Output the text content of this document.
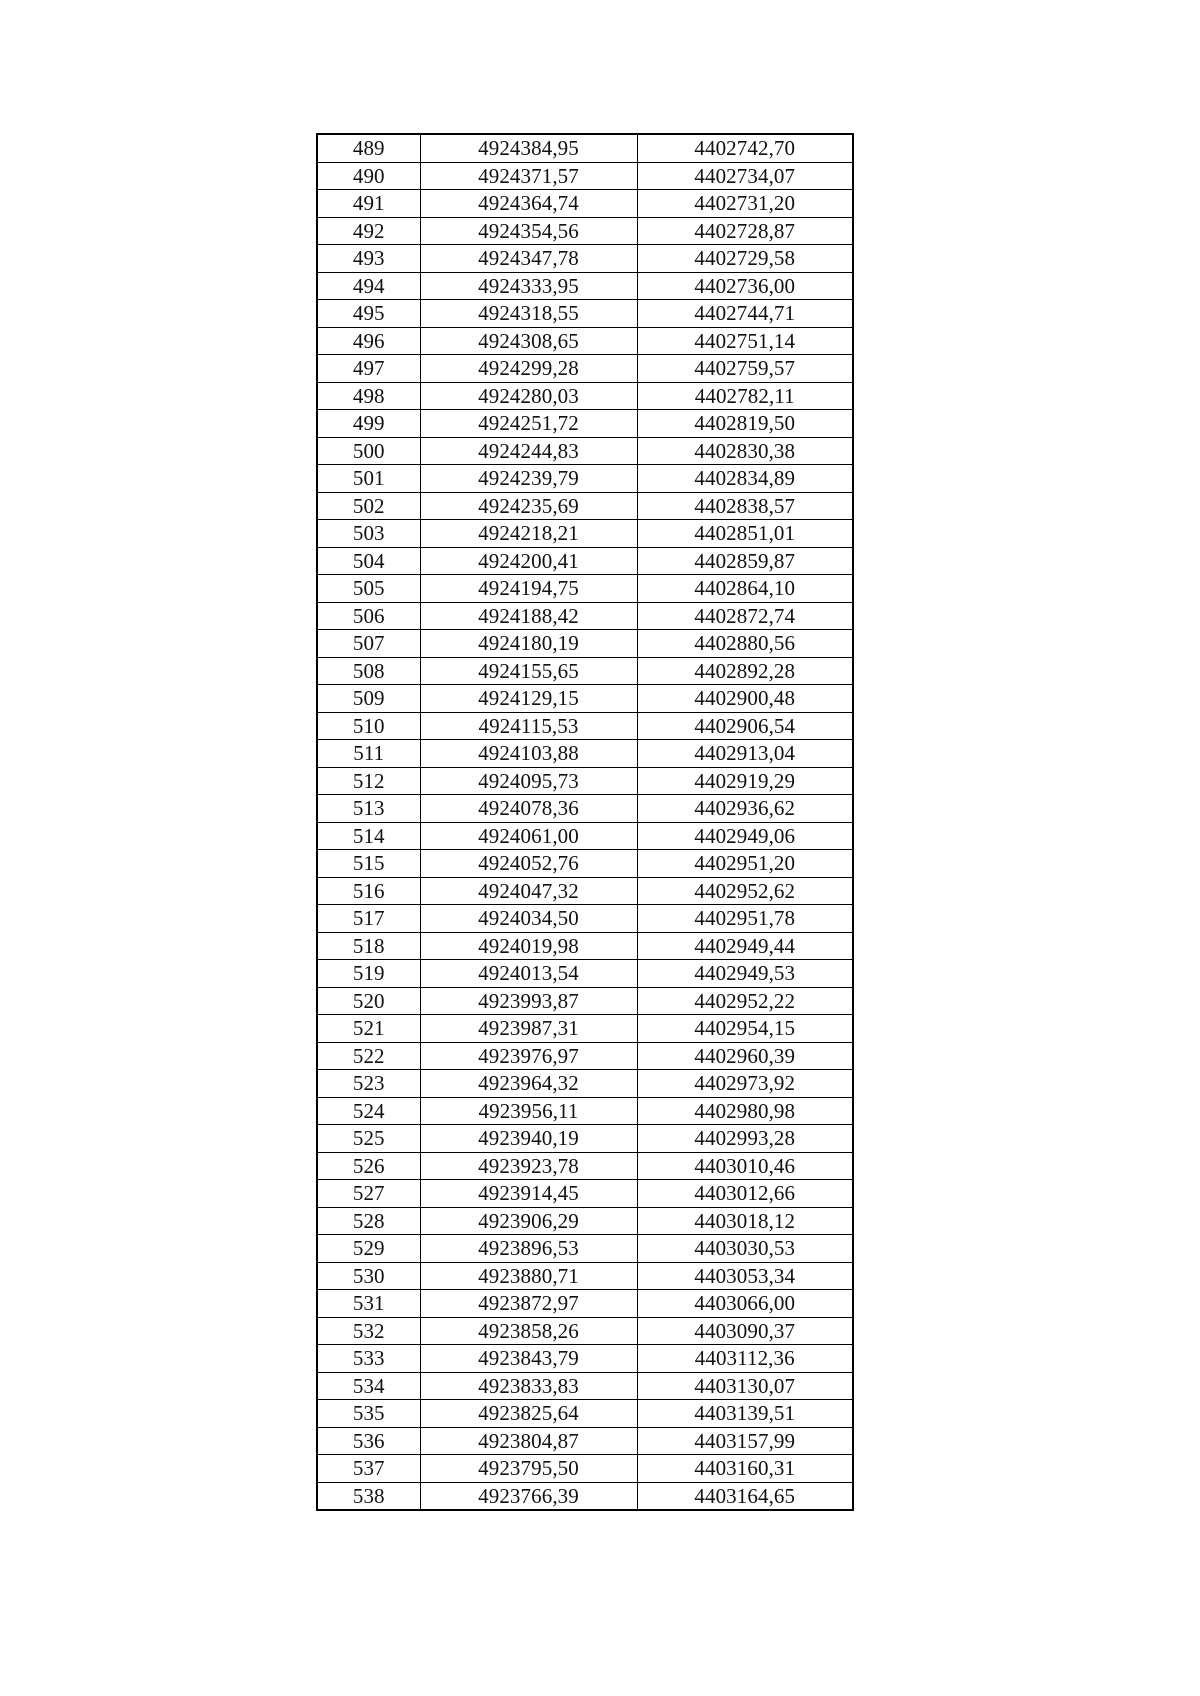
489	4924384,95	4402742,70
490	4924371,57	4402734,07
491	4924364,74	4402731,20
492	4924354,56	4402728,87
493	4924347,78	4402729,58
494	4924333,95	4402736,00
495	4924318,55	4402744,71
496	4924308,65	4402751,14
497	4924299,28	4402759,57
498	4924280,03	4402782,11
499	4924251,72	4402819,50
500	4924244,83	4402830,38
501	4924239,79	4402834,89
502	4924235,69	4402838,57
503	4924218,21	4402851,01
504	4924200,41	4402859,87
505	4924194,75	4402864,10
506	4924188,42	4402872,74
507	4924180,19	4402880,56
508	4924155,65	4402892,28
509	4924129,15	4402900,48
510	4924115,53	4402906,54
511	4924103,88	4402913,04
512	4924095,73	4402919,29
513	4924078,36	4402936,62
514	4924061,00	4402949,06
515	4924052,76	4402951,20
516	4924047,32	4402952,62
517	4924034,50	4402951,78
518	4924019,98	4402949,44
519	4924013,54	4402949,53
520	4923993,87	4402952,22
521	4923987,31	4402954,15
522	4923976,97	4402960,39
523	4923964,32	4402973,92
524	4923956,11	4402980,98
525	4923940,19	4402993,28
526	4923923,78	4403010,46
527	4923914,45	4403012,66
528	4923906,29	4403018,12
529	4923896,53	4403030,53
530	4923880,71	4403053,34
531	4923872,97	4403066,00
532	4923858,26	4403090,37
533	4923843,79	4403112,36
534	4923833,83	4403130,07
535	4923825,64	4403139,51
536	4923804,87	4403157,99
537	4923795,50	4403160,31
538	4923766,39	4403164,65
